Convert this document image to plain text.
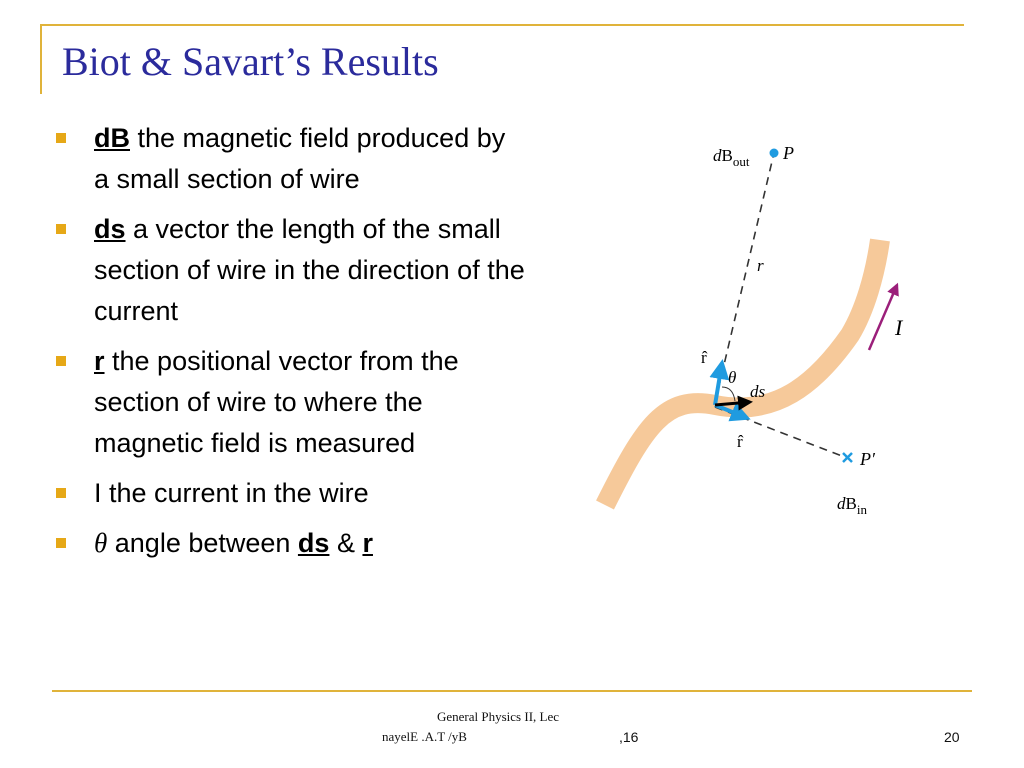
Biot & Savart’s Results
dB the magnetic field produced by a small section of wire
ds a vector the length of the small section of wire in the direction of the current
r the positional vector from the section of wire to where the magnetic field is measured
I the current in the wire
θ angle between ds & r
$dB_{out}$ P
r
I
r̂
θ
ds
r̂
P′
$dB_{in}$
General Physics II, Lec
nayelE .A.T /yB	,16	20
